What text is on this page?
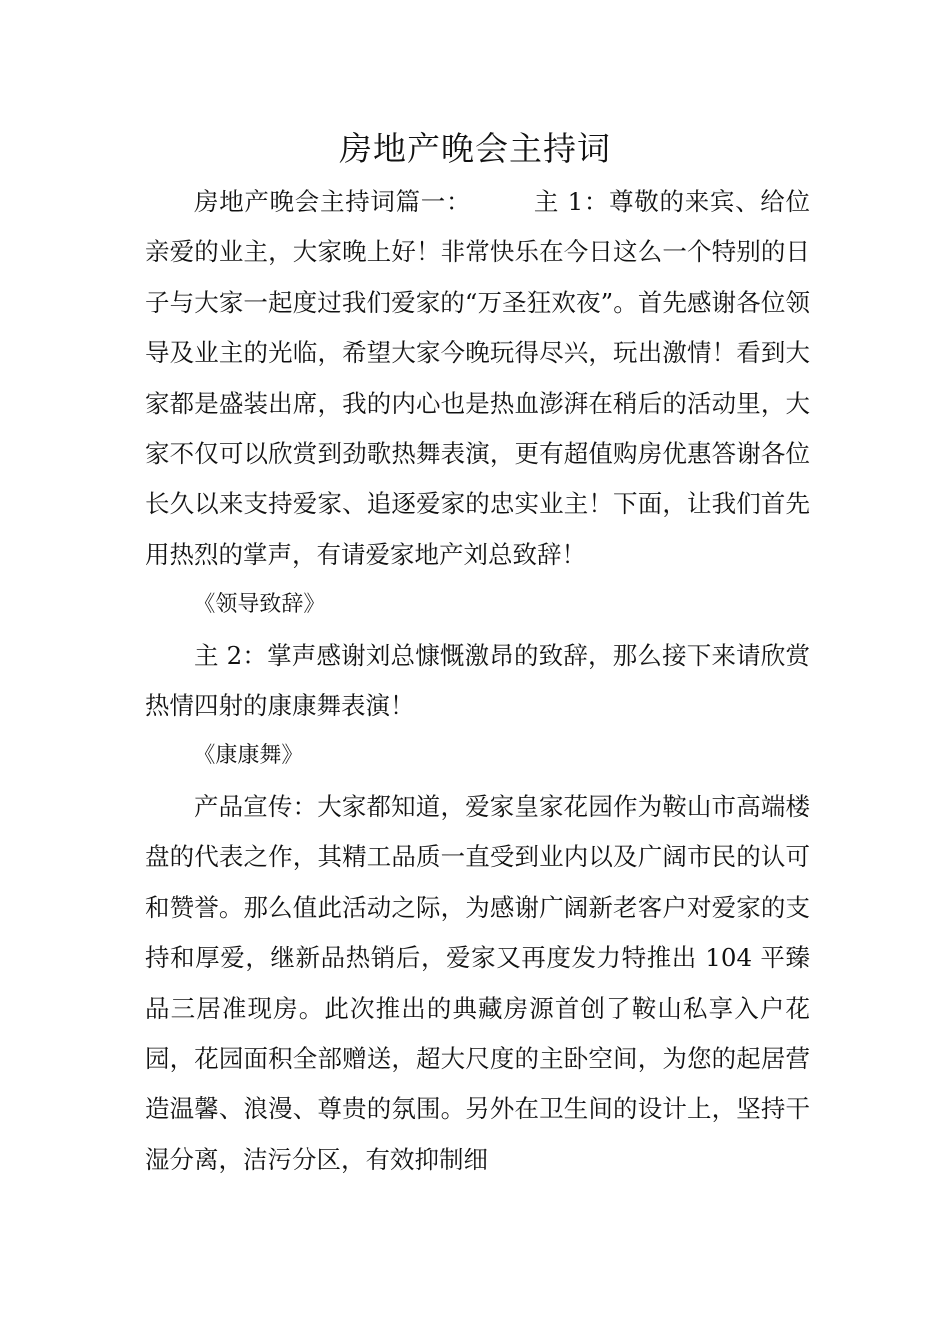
房地产晚会主持词

房地产晚会主持词篇一：	主 1：尊敬的来宾、给位亲爱的业主，大家晚上好！非常快乐在今日这么一个特别的日子与大家一起度过我们爱家的“万圣狂欢夜”。首先感谢各位领导及业主的光临，希望大家今晚玩得尽兴，玩出激情！看到大家都是盛装出席，我的内心也是热血澎湃在稍后的活动里，大家不仅可以欣赏到劲歌热舞表演，更有超值购房优惠答谢各位长久以来支持爱家、追逐爱家的忠实业主！下面，让我们首先用热烈的掌声，有请爱家地产刘总致辞！

《领导致辞》

主 2：掌声感谢刘总慷慨激昂的致辞，那么接下来请欣赏热情四射的康康舞表演！

《康康舞》

产品宣传：大家都知道，爱家皇家花园作为鞍山市高端楼盘的代表之作，其精工品质一直受到业内以及广阔市民的认可和赞誉。那么值此活动之际，为感谢广阔新老客户对爱家的支持和厚爱，继新品热销后，爱家又再度发力特推出 104 平臻品三居准现房。此次推出的典藏房源首创了鞍山私享入户花园，花园面积全部赠送，超大尺度的主卧空间，为您的起居营造温馨、浪漫、尊贵的氛围。另外在卫生间的设计上，坚持干湿分离，洁污分区，有效抑制细
